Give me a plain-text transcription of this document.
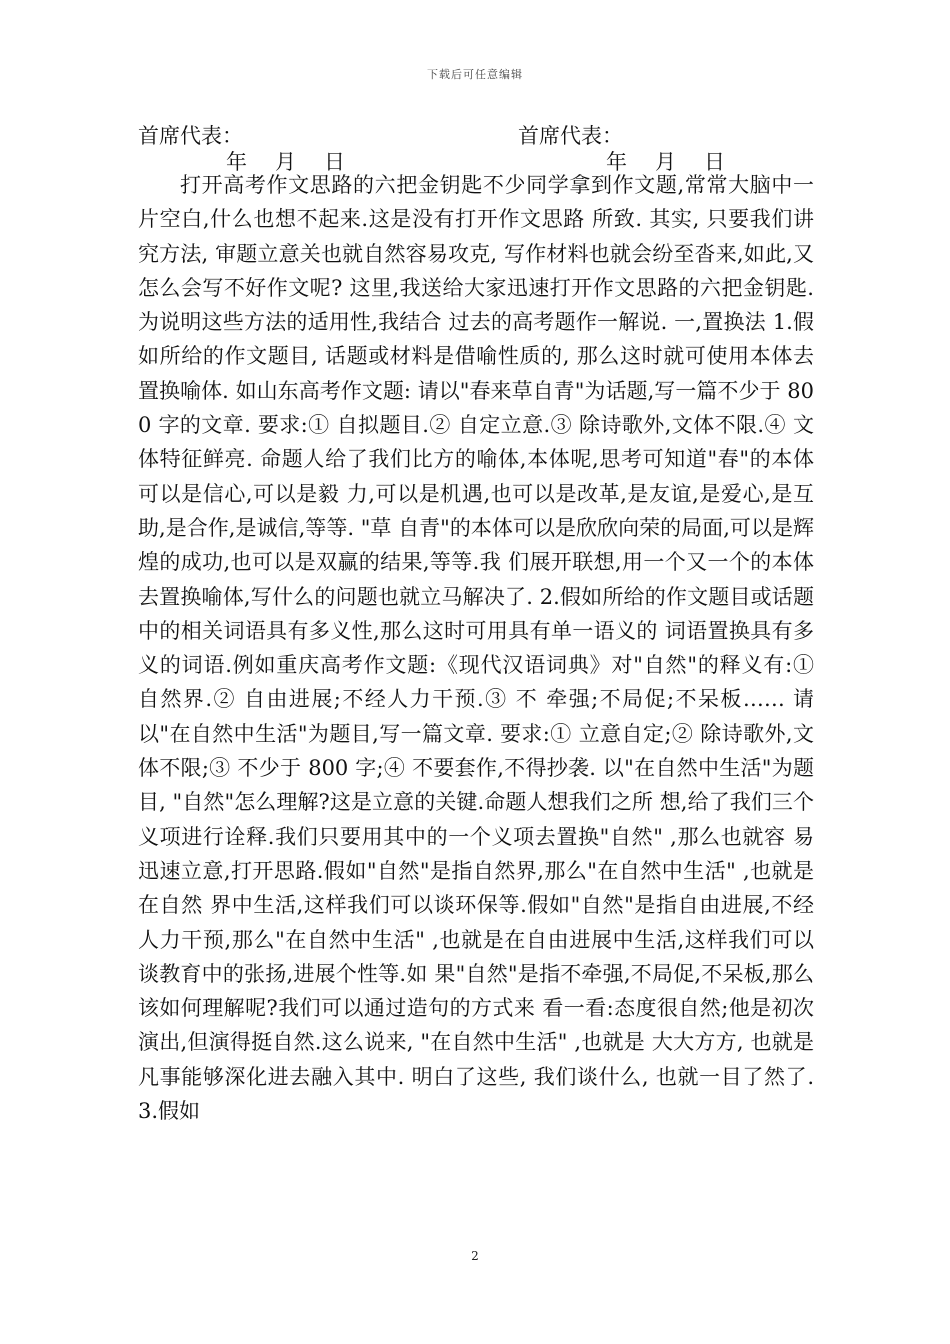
下载后可任意编辑
首席代表：	首席代表：
年 月 日	年 月 日

打开高考作文思路的六把金钥匙不少同学拿到作文题,常常大脑中一片空白,什么也想不起来.这是没有打开作文思路 所致. 其实, 只要我们讲究方法, 审题立意关也就自然容易攻克, 写作材料也就会纷至沓来,如此,又怎么会写不好作文呢? 这里,我送给大家迅速打开作文思路的六把金钥匙.为说明这些方法的适用性,我结合 过去的高考题作一解说. 一,置换法 1.假如所给的作文题目, 话题或材料是借喻性质的, 那么这时就可使用本体去置换喻体. 如山东高考作文题: 请以"春来草自青"为话题,写一篇不少于 800 字的文章. 要求:① 自拟题目.② 自定立意.③ 除诗歌外,文体不限.④ 文体特征鲜亮. 命题人给了我们比方的喻体,本体呢,思考可知道"春"的本体可以是信心,可以是毅 力,可以是机遇,也可以是改革,是友谊,是爱心,是互助,是合作,是诚信,等等. "草 自青"的本体可以是欣欣向荣的局面,可以是辉煌的成功,也可以是双赢的结果,等等.我 们展开联想,用一个又一个的本体去置换喻体,写什么的问题也就立马解决了. 2.假如所给的作文题目或话题中的相关词语具有多义性,那么这时可用具有单一语义的 词语置换具有多义的词语.例如重庆高考作文题:《现代汉语词典》对"自然"的释义有:① 自然界.② 自由进展;不经人力干预.③ 不 牵强;不局促;不呆板…… 请以"在自然中生活"为题目,写一篇文章. 要求:① 立意自定;② 除诗歌外,文体不限;③ 不少于 800 字;④ 不要套作,不得抄袭. 以"在自然中生活"为题目, "自然"怎么理解?这是立意的关键.命题人想我们之所 想,给了我们三个义项进行诠释.我们只要用其中的一个义项去置换"自然" ,那么也就容 易迅速立意,打开思路.假如"自然"是指自然界,那么"在自然中生活" ,也就是在自然 界中生活,这样我们可以谈环保等.假如"自然"是指自由进展,不经人力干预,那么"在自然中生活" ,也就是在自由进展中生活,这样我们可以谈教育中的张扬,进展个性等.如 果"自然"是指不牵强,不局促,不呆板,那么该如何理解呢?我们可以通过造句的方式来 看一看:态度很自然;他是初次演出,但演得挺自然.这么说来, "在自然中生活" ,也就是 大大方方, 也就是凡事能够深化进去融入其中. 明白了这些, 我们谈什么, 也就一目了然了. 3.假如

2
